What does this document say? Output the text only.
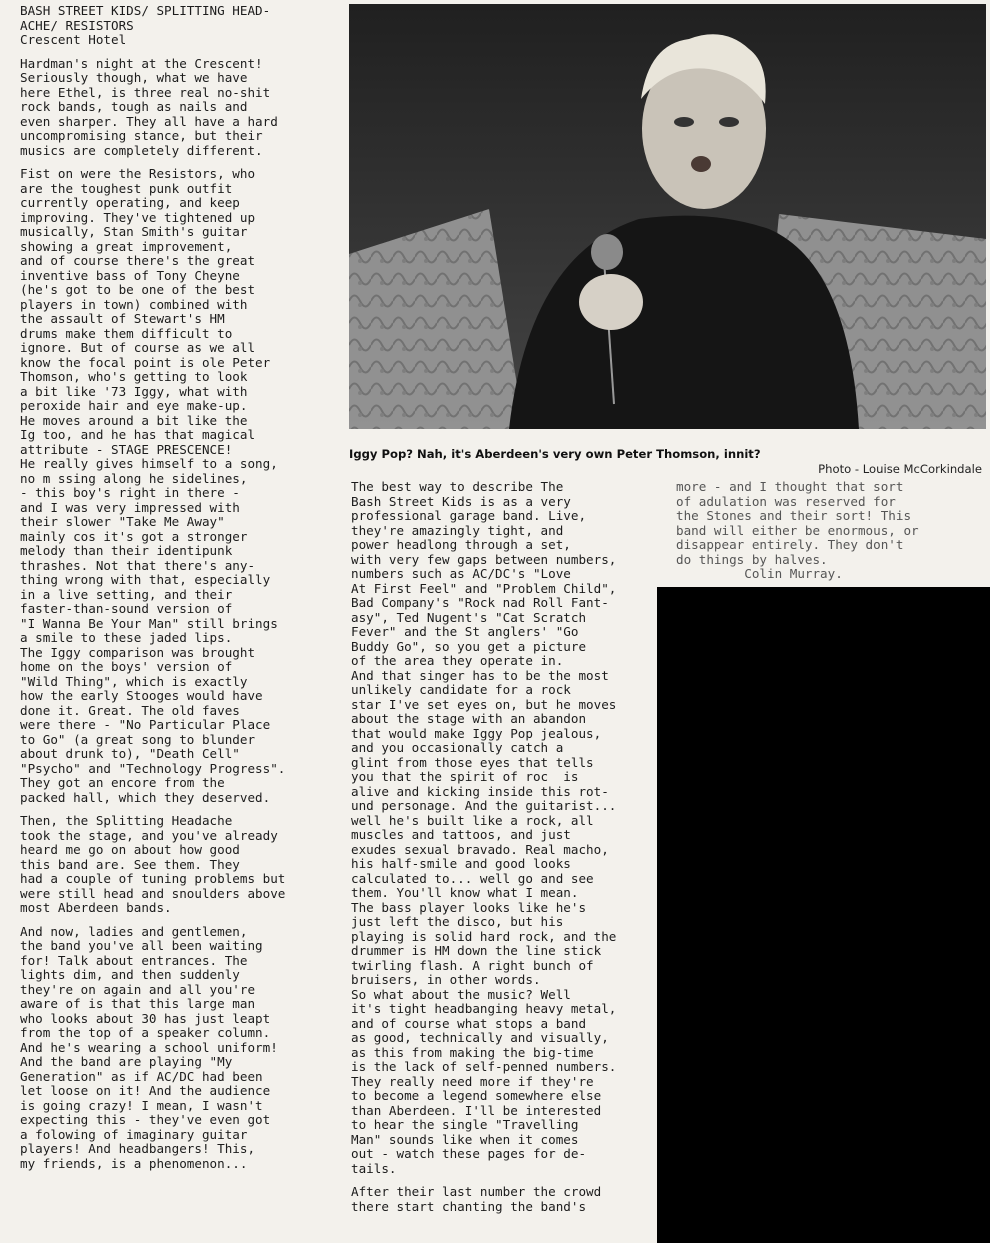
BASH STREET KIDS/ SPLITTING HEAD-
ACHE/ RESISTORS
Crescent Hotel
Hardman's night at the Crescent!
Seriously though, what we have
here Ethel, is three real no-shit
rock bands, tough as nails and
even sharper. They all have a hard
uncompromising stance, but their
musics are completely different.
Fist on were the Resistors, who
are the toughest punk outfit
currently operating, and keep
improving. They've tightened up
musically, Stan Smith's guitar
showing a great improvement,
and of course there's the great
inventive bass of Tony Cheyne
(he's got to be one of the best
players in town) combined with
the assault of Stewart's HM
drums make them difficult to
ignore. But of course as we all
know the focal point is ole Peter
Thomson, who's getting to look
a bit like '73 Iggy, what with
peroxide hair and eye make-up.
He moves around a bit like the
Ig too, and he has that magical
attribute - STAGE PRESCENCE!
He really gives himself to a song,
no m ssing along he sidelines,
- this boy's right in there -
and I was very impressed with
their slower "Take Me Away"
mainly cos it's got a stronger
melody than their identipunk
thrashes. Not that there's any-
thing wrong with that, especially
in a live setting, and their
faster-than-sound version of
"I Wanna Be Your Man" still brings
a smile to these jaded lips.
The Iggy comparison was brought
home on the boys' version of
"Wild Thing", which is exactly
how the early Stooges would have
done it. Great. The old faves
were there - "No Particular Place
to Go" (a great song to blunder
about drunk to), "Death Cell"
"Psycho" and "Technology Progress".
They got an encore from the
packed hall, which they deserved.
Then, the Splitting Headache
took the stage, and you've already
heard me go on about how good
this band are. See them. They
had a couple of tuning problems but
were still head and snoulders above
most Aberdeen bands.
And now, ladies and gentlemen,
the band you've all been waiting
for! Talk about entrances. The
lights dim, and then suddenly
they're on again and all you're
aware of is that this large man
who looks about 30 has just leapt
from the top of a speaker column.
And he's wearing a school uniform!
And the band are playing "My
Generation" as if AC/DC had been
let loose on it! And the audience
is going crazy! I mean, I wasn't
expecting this - they've even got
a folowing of imaginary guitar
players! And headbangers! This,
my friends, is a phenomenon...
Iggy Pop? Nah, it's Aberdeen's very own Peter Thomson, innit?
Photo - Louise McCorkindale
The best way to describe The
Bash Street Kids is as a very
professional garage band. Live,
they're amazingly tight, and
power headlong through a set,
with very few gaps between numbers,
numbers such as AC/DC's "Love
At First Feel" and "Problem Child",
Bad Company's "Rock nad Roll Fant-
asy", Ted Nugent's "Cat Scratch
Fever" and the St anglers' "Go
Buddy Go", so you get a picture
of the area they operate in.
And that singer has to be the most
unlikely candidate for a rock
star I've set eyes on, but he moves
about the stage with an abandon
that would make Iggy Pop jealous,
and you occasionally catch a
glint from those eyes that tells
you that the spirit of roc  is
alive and kicking inside this rot-
und personage. And the guitarist...
well he's built like a rock, all
muscles and tattoos, and just
exudes sexual bravado. Real macho,
his half-smile and good looks
calculated to... well go and see
them. You'll know what I mean.
The bass player looks like he's
just left the disco, but his
playing is solid hard rock, and the
drummer is HM down the line stick
twirling flash. A right bunch of
bruisers, in other words.
So what about the music? Well
it's tight headbanging heavy metal,
and of course what stops a band
as good, technically and visually,
as this from making the big-time
is the lack of self-penned numbers.
They really need more if they're
to become a legend somewhere else
than Aberdeen. I'll be interested
to hear the single "Travelling
Man" sounds like when it comes
out - watch these pages for de-
tails.
After their last number the crowd
there start chanting the band's
more - and I thought that sort
of adulation was reserved for
the Stones and their sort! This
band will either be enormous, or
disappear entirely. They don't
do things by halves.
Colin Murray.
